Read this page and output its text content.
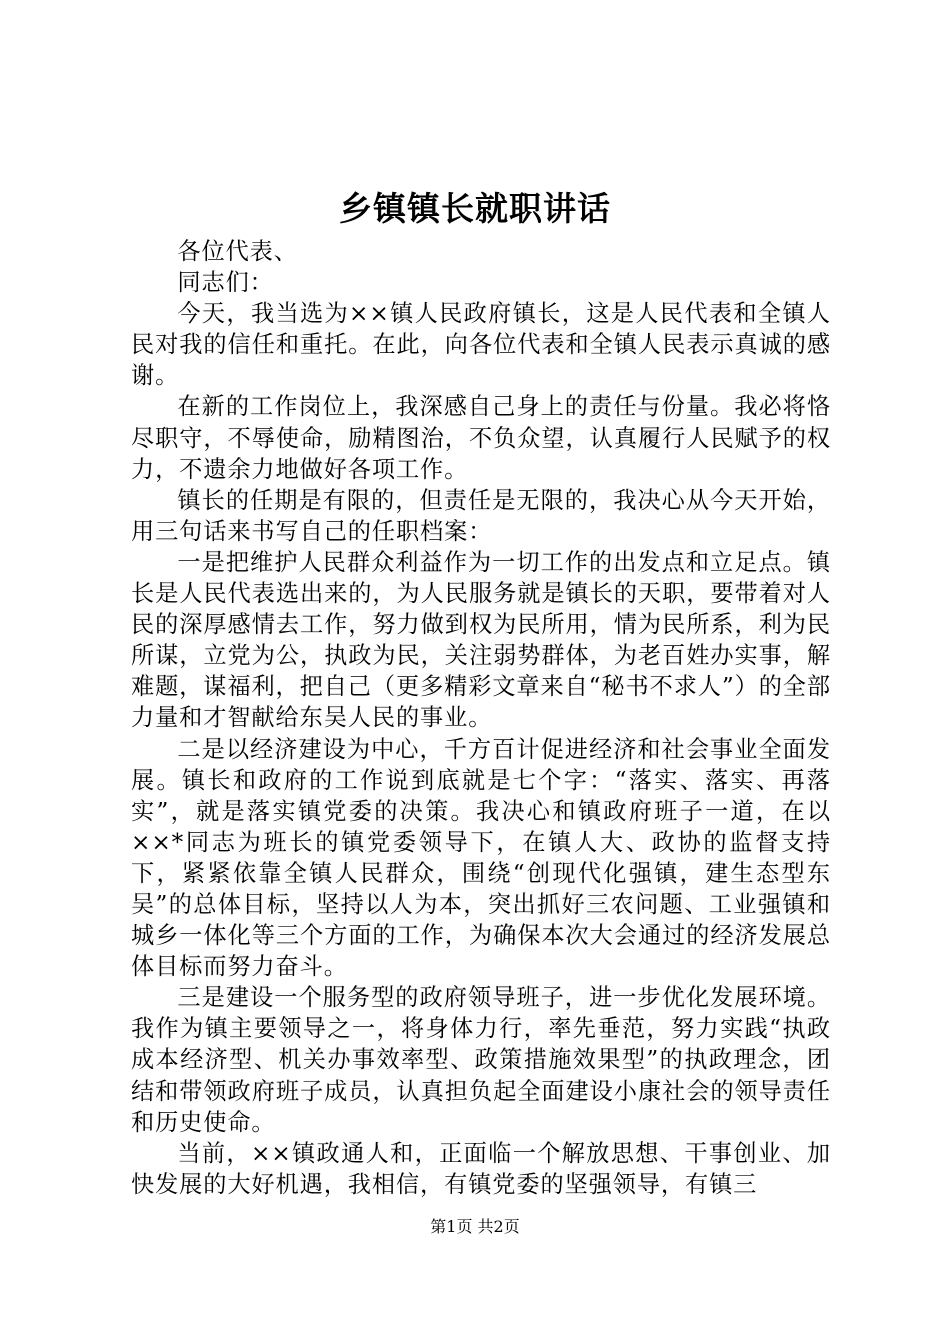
乡镇镇长就职讲话

各位代表、

同志们：

今天，我当选为××镇人民政府镇长，这是人民代表和全镇人民对我的信任和重托。在此，向各位代表和全镇人民表示真诚的感谢。

在新的工作岗位上，我深感自己身上的责任与份量。我必将恪尽职守，不辱使命，励精图治，不负众望，认真履行人民赋予的权力，不遗余力地做好各项工作。

镇长的任期是有限的，但责任是无限的，我决心从今天开始，用三句话来书写自己的任职档案：

一是把维护人民群众利益作为一切工作的出发点和立足点。镇长是人民代表选出来的，为人民服务就是镇长的天职，要带着对人民的深厚感情去工作，努力做到权为民所用，情为民所系，利为民所谋，立党为公，执政为民，关注弱势群体，为老百姓办实事，解难题，谋福利，把自己（更多精彩文章来自“秘书不求人”）的全部力量和才智献给东吴人民的事业。

二是以经济建设为中心，千方百计促进经济和社会事业全面发展。镇长和政府的工作说到底就是七个字：“落实、落实、再落实”，就是落实镇党委的决策。我决心和镇政府班子一道，在以××*同志为班长的镇党委领导下，在镇人大、政协的监督支持下，紧紧依靠全镇人民群众，围绕“创现代化强镇，建生态型东吴”的总体目标，坚持以人为本，突出抓好三农问题、工业强镇和城乡一体化等三个方面的工作，为确保本次大会通过的经济发展总体目标而努力奋斗。

三是建设一个服务型的政府领导班子，进一步优化发展环境。我作为镇主要领导之一，将身体力行，率先垂范，努力实践“执政成本经济型、机关办事效率型、政策措施效果型”的执政理念，团结和带领政府班子成员，认真担负起全面建设小康社会的领导责任和历史使命。

当前，××镇政通人和，正面临一个解放思想、干事创业、加快发展的大好机遇，我相信，有镇党委的坚强领导，有镇三

第1页 共2页
